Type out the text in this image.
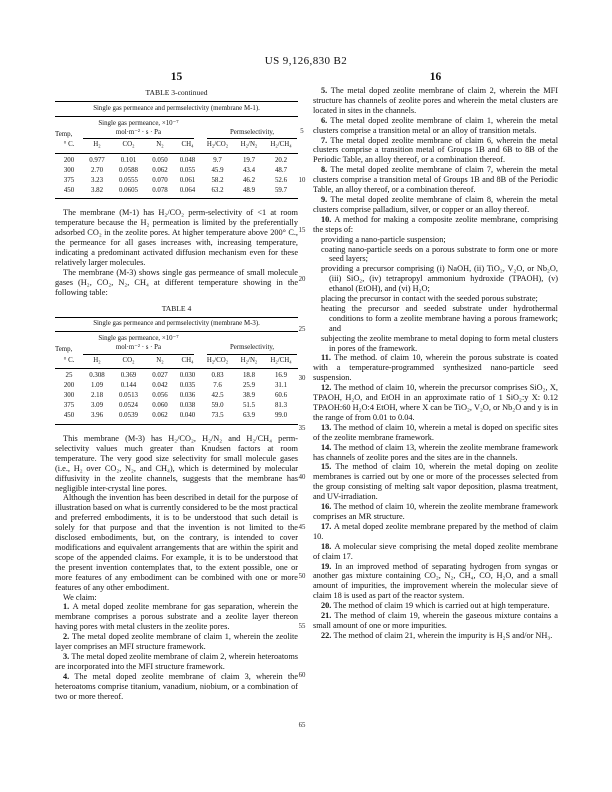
US 9,126,830 B2
15	16
5
10
15
20
25
30
35
40
45
50
55
60
65
TABLE 3-continued
Single gas permeance and permselectivity (membrane M-1).							
Temp,	Single gas permeance, ×10⁻⁷
mol·m⁻² · s · Pa				Permselectivity,		

° C.	H₂	CO₂	N₂	CH₄	H₂/CO₂	H₂/N₂	H₂/CH₄
200	0.977	0.101	0.050	0.048	9.7	19.7	20.2
300	2.70	0.0588	0.062	0.055	45.9	43.4	48.7
375	3.23	0.0555	0.070	0.061	58.2	46.2	52.6
450	3.82	0.0605	0.078	0.064	63.2	48.9	59.7

The membrane (M-1) has H₂/CO₂ perm-selectivity of <1 at room temperature because the H₂ permeation is limited by the preferentially adsorbed CO₂ in the zeolite pores. At higher temperature above 200° C., the permeance for all gases increases with, increasing temperature, indicating a predominant activated diffusion mechanism even for these relatively larger molecules.

The membrane (M-3) shows single gas permeance of small molecule gases (H₂, CO₂, N₂, CH₄ at different temperature showing in the following table:

TABLE 4
Single gas permeance and permselectivity (membrane M-3).							
Temp,	Single gas permeance, ×10⁻⁷
mol·m⁻² · s · Pa				Permselectivity,		

° C.	H₂	CO₂	N₂	CH₄	H₂/CO₂	H₂/N₂	H₂/CH₄
25	0.308	0.369	0.027	0.030	0.83	18.8	16.9
200	1.09	0.144	0.042	0.035	7.6	25.9	31.1
300	2.18	0.0513	0.056	0.036	42.5	38.9	60.6
375	3.09	0.0524	0.060	0.038	59.0	51.5	81.3
450	3.96	0.0539	0.062	0.040	73.5	63.9	99.0

This membrane (M-3) has H₂/CO₂, H₂/N₂ and H₂/CH₄ perm-selectivity values much greater than Knudsen factors at room temperature. The very good size selectivity for small molecule gases (i.e., H₂ over CO₂, N₂, and CH₄), which is determined by molecular diffusivity in the zeolite channels, suggests that the membrane has negligible inter-crystal line pores.

Although the invention has been described in detail for the purpose of illustration based on what is currently considered to be the most practical and preferred embodiments, it is to be understood that such detail is solely for that purpose and that the invention is not limited to the disclosed embodiments, but, on the contrary, is intended to cover modifications and equivalent arrangements that are within the spirit and scope of the appended claims. For example, it is to be understood that the present invention contemplates that, to the extent possible, one or more features of any embodiment can be combined with one or more features of any other embodiment.

We claim:

1. A metal doped zeolite membrane for gas separation, wherein the membrane comprises a porous substrate and a zeolite layer thereon having pores with metal clusters in the zeolite pores.

2. The metal doped zeolite membrane of claim 1, wherein the zeolite layer comprises an MFI structure framework.

3. The metal doped zeolite membrane of claim 2, wherein heteroatoms are incorporated into the MFI structure framework.

4. The metal doped zeolite membrane of claim 3, wherein the heteroatoms comprise titanium, vanadium, niobium, or a combination of two or more thereof.

5. The metal doped zeolite membrane of claim 2, wherein the MFI structure has channels of zeolite pores and wherein the metal clusters are located in sites in the channels.

6. The metal doped zeolite membrane of claim 1, wherein the metal clusters comprise a transition metal or an alloy of transition metals.

7. The metal doped zeolite membrane of claim 6, wherein the metal clusters comprise a transition metal of Groups 1B and 6B to 8B of the Periodic Table, an alloy thereof, or a combination thereof.

8. The metal doped zeolite membrane of claim 7, wherein the metal clusters comprise a transition metal of Groups 1B and 8B of the Periodic Table, an alloy thereof, or a combination thereof.

9. The metal doped zeolite membrane of claim 8, wherein the metal clusters comprise palladium, silver, or copper or an alloy thereof.

10. A method for making a composite zeolite membrane, comprising the steps of:

providing a nano-particle suspension;

coating nano-particle seeds on a porous substrate to form one or more seed layers;

providing a precursor comprising (i) NaOH, (ii) TiO₂, V₂O, or Nb₂O, (iii) SiO₂, (iv) tetrapropyl ammonium hydroxide (TPAOH), (v) ethanol (EtOH), and (vi) H₂O;

placing the precursor in contact with the seeded porous substrate;

heating the precursor and seeded substrate under hydrothermal conditions to form a zeolite membrane having a porous framework; and

subjecting the zeolite membrane to metal doping to form metal clusters in pores of the framework.

11. The method. of claim 10, wherein the porous substrate is coated with a temperature-programmed synthesized nano-particle seed suspension.

12. The method of claim 10, wherein the precursor comprises SiO₂, X, TPAOH, H₂O, and EtOH in an approximate ratio of 1 SiO₂:y X: 0.12 TPAOH:60 H₂O:4 EtOH, where X can be TiO₂, V₂O, or Nb₂O and y is in the range of from 0.01 to 0.04.

13. The method of claim 10, wherein a metal is doped on specific sites of the zeolite membrane framework.

14. The method of claim 13, wherein the zeolite membrane framework has channels of zeolite pores and the sites are in the channels.

15. The method of claim 10, wherein the metal doping on zeolite membranes is carried out by one or more of the processes selected from the group consisting of melting salt vapor deposition, plasma treatment, and UV-irradiation.

16. The method of claim 10, wherein the zeolite membrane framework comprises an MR structure.

17. A metal doped zeolite membrane prepared by the method of claim 10.

18. A molecular sieve comprising the metal doped zeolite membrane of claim 17.

19. In an improved method of separating hydrogen from syngas or another gas mixture containing CO₂, N₂, CH₄, CO, H₂O, and a small amount of impurities, the improvement wherein the molecular sieve of claim 18 is used as part of the reactor system.

20. The method of claim 19 which is carried out at high temperature.

21. The method of claim 19, wherein the gaseous mixture contains a small amount of one or more impurities.

22. The method of claim 21, wherein the impurity is H₂S and/or NH₃.
